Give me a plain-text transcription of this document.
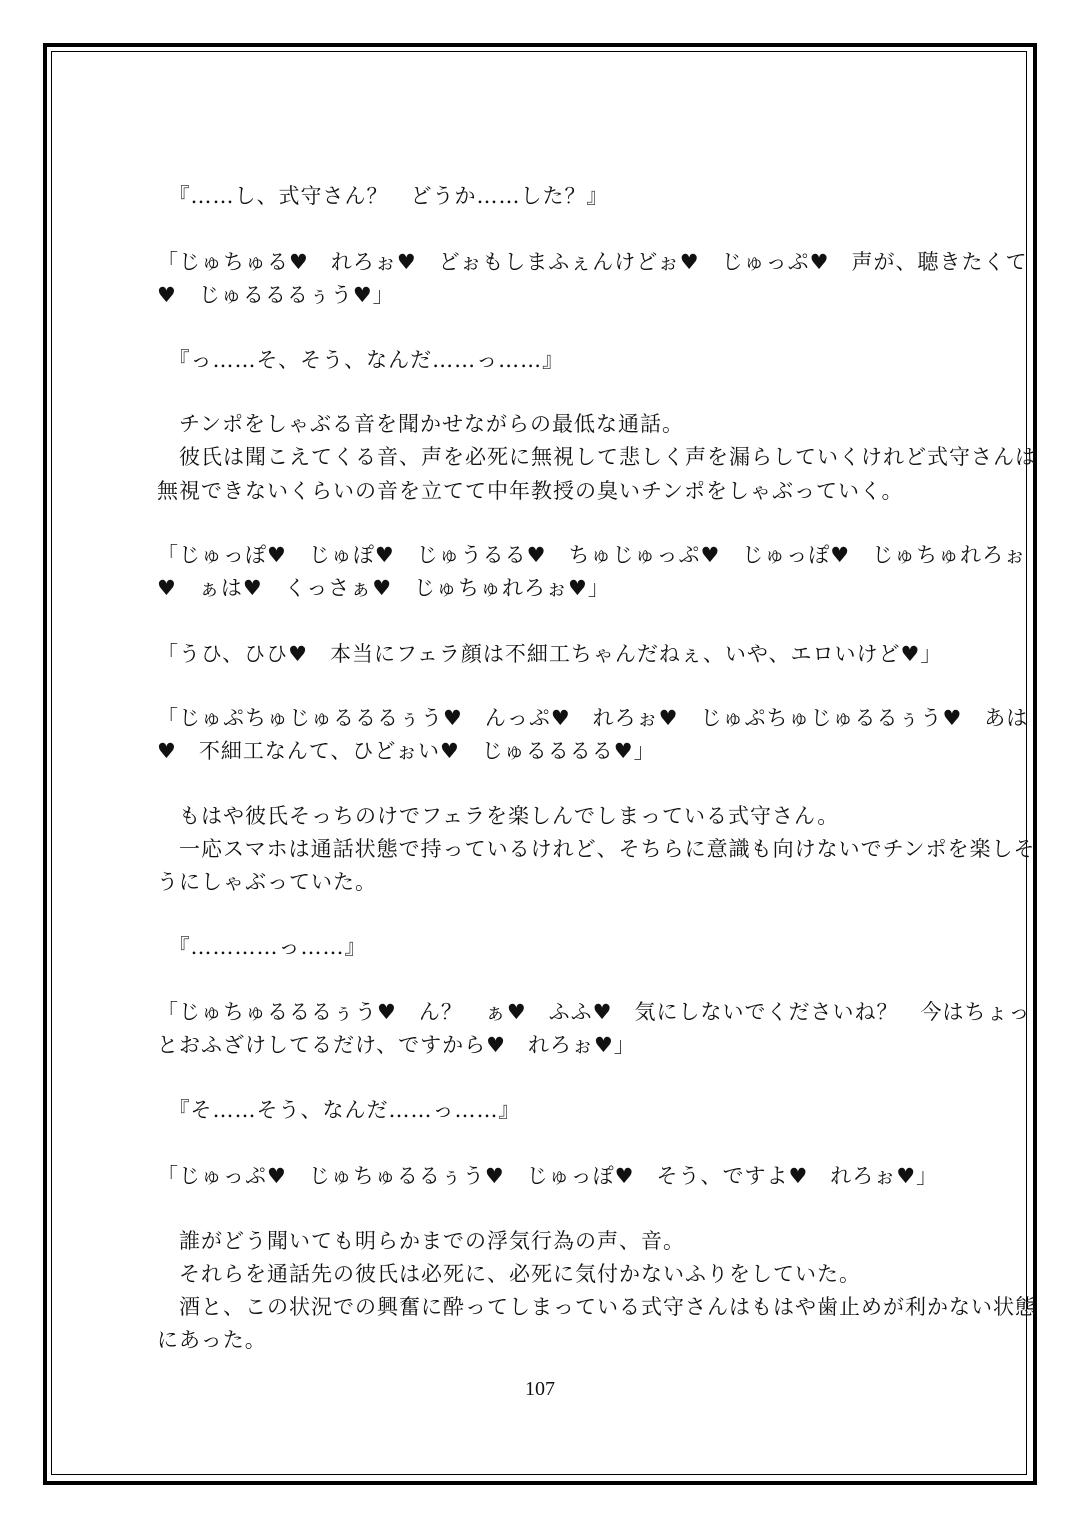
　『……し、式守さん？　どうか……した？』
「じゅちゅる♥　れろぉ♥　どぉもしまふぇんけどぉ♥　じゅっぷ♥　声が、聴きたくて
♥　じゅるるるぅう♥」
　『っ……そ、そう、なんだ……っ……』
　チンポをしゃぶる音を聞かせながらの最低な通話。
　彼氏は聞こえてくる音、声を必死に無視して悲しく声を漏らしていくけれど式守さんは
無視できないくらいの音を立てて中年教授の臭いチンポをしゃぶっていく。
「じゅっぽ♥　じゅぽ♥　じゅうるる♥　ちゅじゅっぷ♥　じゅっぽ♥　じゅちゅれろぉ
♥　ぁは♥　くっさぁ♥　じゅちゅれろぉ♥」
「うひ、ひひ♥　本当にフェラ顔は不細工ちゃんだねぇ、いや、エロいけど♥」
「じゅぷちゅじゅるるるぅう♥　んっぷ♥　れろぉ♥　じゅぷちゅじゅるるぅう♥　あは
♥　不細工なんて、ひどぉい♥　じゅるるるる♥」
　もはや彼氏そっちのけでフェラを楽しんでしまっている式守さん。
　一応スマホは通話状態で持っているけれど、そちらに意識も向けないでチンポを楽しそ
うにしゃぶっていた。
　『…………っ……』
「じゅちゅるるるぅう♥　ん？　ぁ♥　ふふ♥　気にしないでくださいね？　今はちょっ
とおふざけしてるだけ、ですから♥　れろぉ♥」
　『そ……そう、なんだ……っ……』
「じゅっぷ♥　じゅちゅるるぅう♥　じゅっぽ♥　そう、ですよ♥　れろぉ♥」
　誰がどう聞いても明らかまでの浮気行為の声、音。
　それらを通話先の彼氏は必死に、必死に気付かないふりをしていた。
　酒と、この状況での興奮に酔ってしまっている式守さんはもはや歯止めが利かない状態
にあった。
107
